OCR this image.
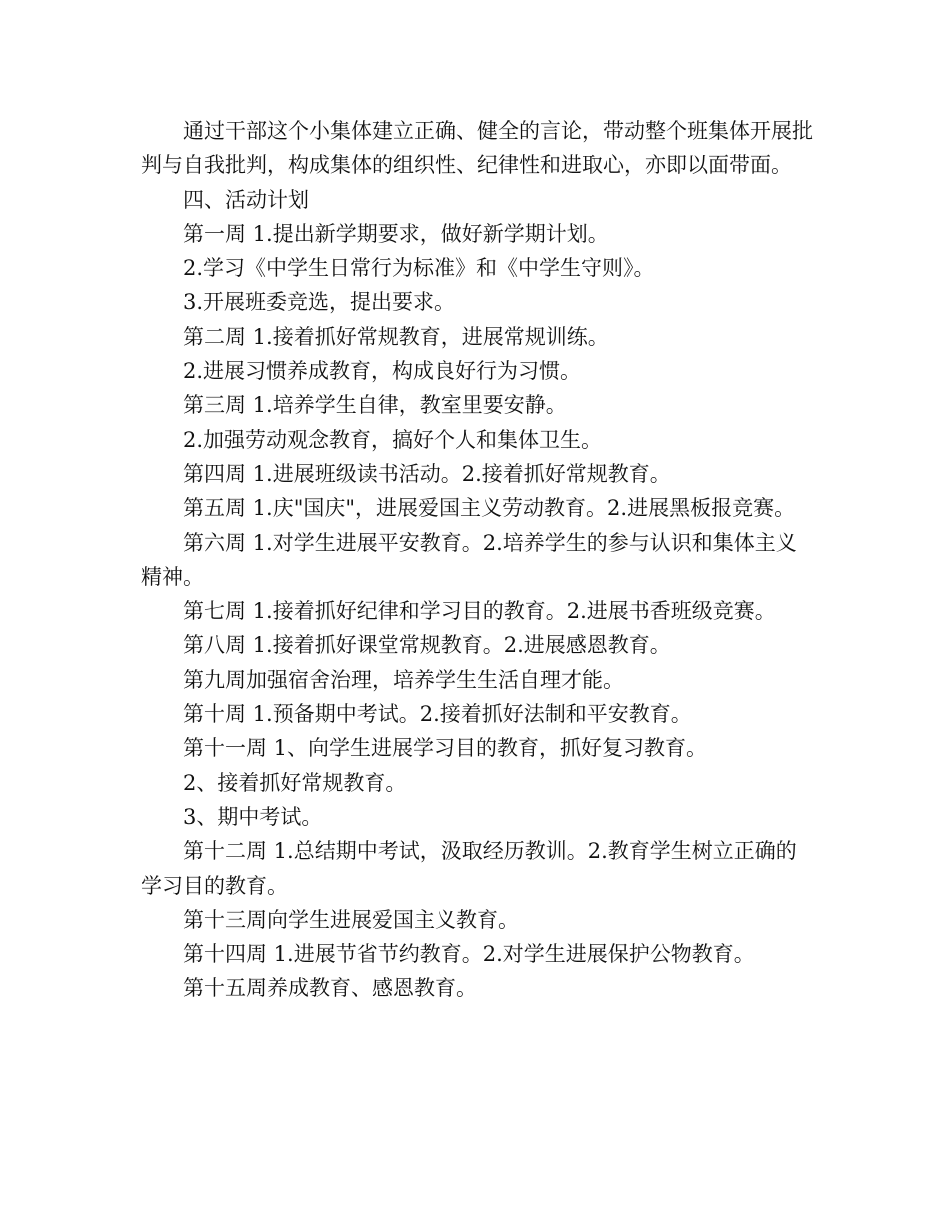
通过干部这个小集体建立正确、健全的言论，带动整个班集体开展批判与自我批判，构成集体的组织性、纪律性和进取心，亦即以面带面。

四、活动计划

第一周 1.提出新学期要求，做好新学期计划。

2.学习《中学生日常行为标准》和《中学生守则》。

3.开展班委竞选，提出要求。

第二周 1.接着抓好常规教育，进展常规训练。

2.进展习惯养成教育，构成良好行为习惯。

第三周 1.培养学生自律，教室里要安静。

2.加强劳动观念教育，搞好个人和集体卫生。

第四周 1.进展班级读书活动。2.接着抓好常规教育。

第五周 1.庆"国庆"，进展爱国主义劳动教育。2.进展黑板报竞赛。

第六周 1.对学生进展平安教育。2.培养学生的参与认识和集体主义精神。

第七周 1.接着抓好纪律和学习目的教育。2.进展书香班级竞赛。

第八周 1.接着抓好课堂常规教育。2.进展感恩教育。

第九周加强宿舍治理，培养学生生活自理才能。

第十周 1.预备期中考试。2.接着抓好法制和平安教育。

第十一周 1、向学生进展学习目的教育，抓好复习教育。

2、接着抓好常规教育。

3、期中考试。

第十二周 1.总结期中考试，汲取经历教训。2.教育学生树立正确的学习目的教育。

第十三周向学生进展爱国主义教育。

第十四周 1.进展节省节约教育。2.对学生进展保护公物教育。

第十五周养成教育、感恩教育。
